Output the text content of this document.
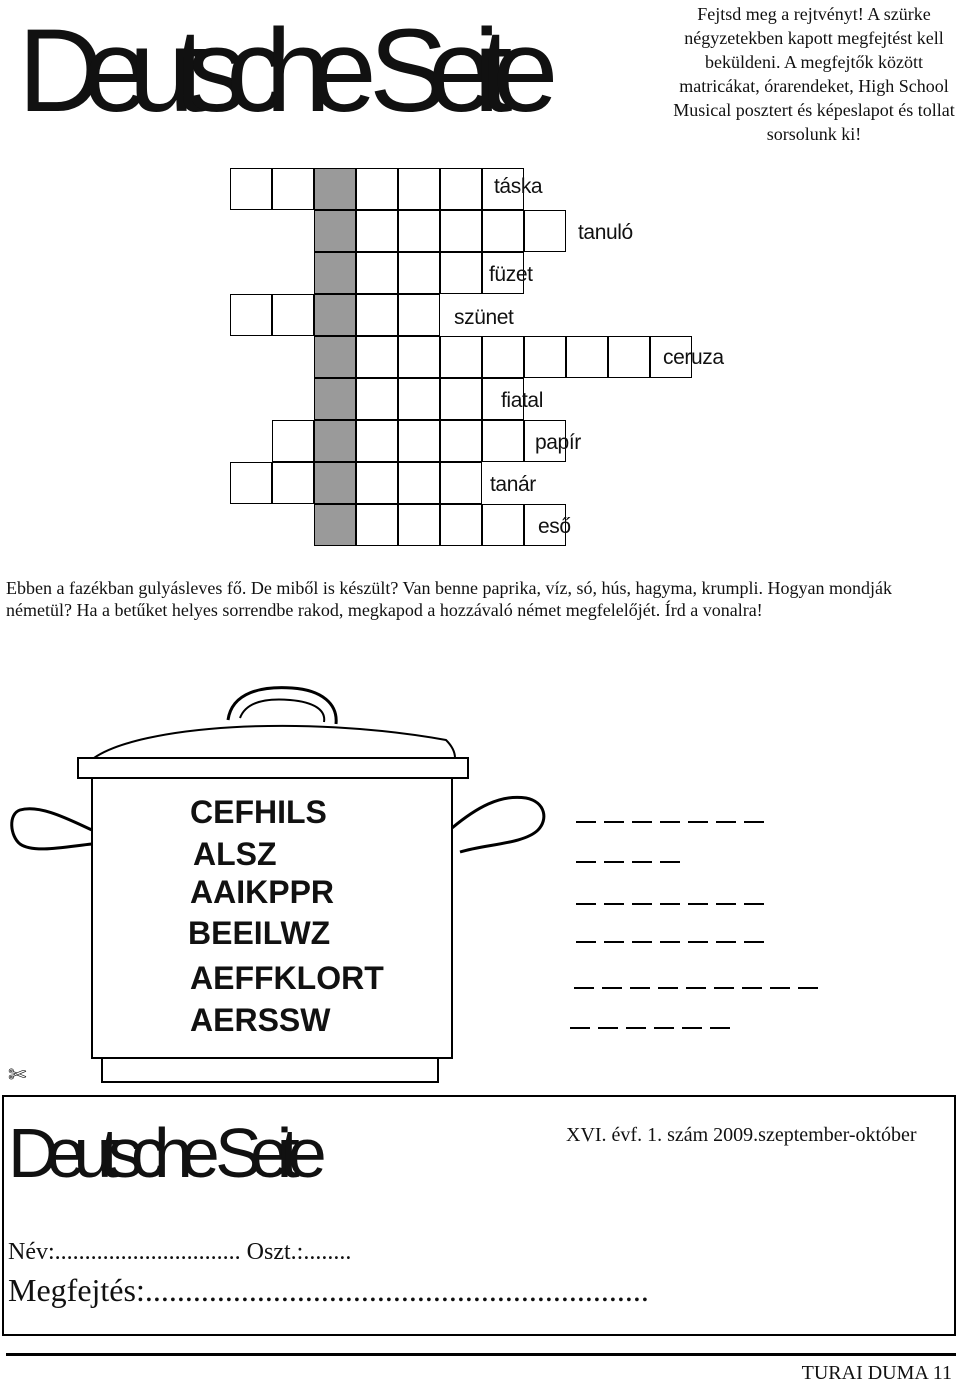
Deutsche Seite	Fejtsd meg a rejtvényt! A szürke négyzetekben kapott megfejtést kell beküldeni. A megfejtők között matricákat, órarendeket, High School Musical posztert és képeslapot és tollat sorsolunk ki!
táska
tanuló
füzet
szünet
ceruza
fiatal
papír
tanár
eső
Ebben a fazékban gulyásleves fő. De miből is készült? Van benne paprika, víz, só, hús, hagyma, krumpli. Hogyan mondják németül? Ha a betűket helyes sorrendbe rakod, megkapod a hozzávaló német megfelelőjét. Írd a vonalra!
CEFHILS
ALSZ
AAIKPPR
BEEILWZ
AEFFKLORT
AERSSW
✄
Deutsche Seite	XVI. évf. 1. szám 2009.szeptember-október
Név:............................... Oszt.:........
Megfejtés:...............................................................
TURAI DUMA 11
